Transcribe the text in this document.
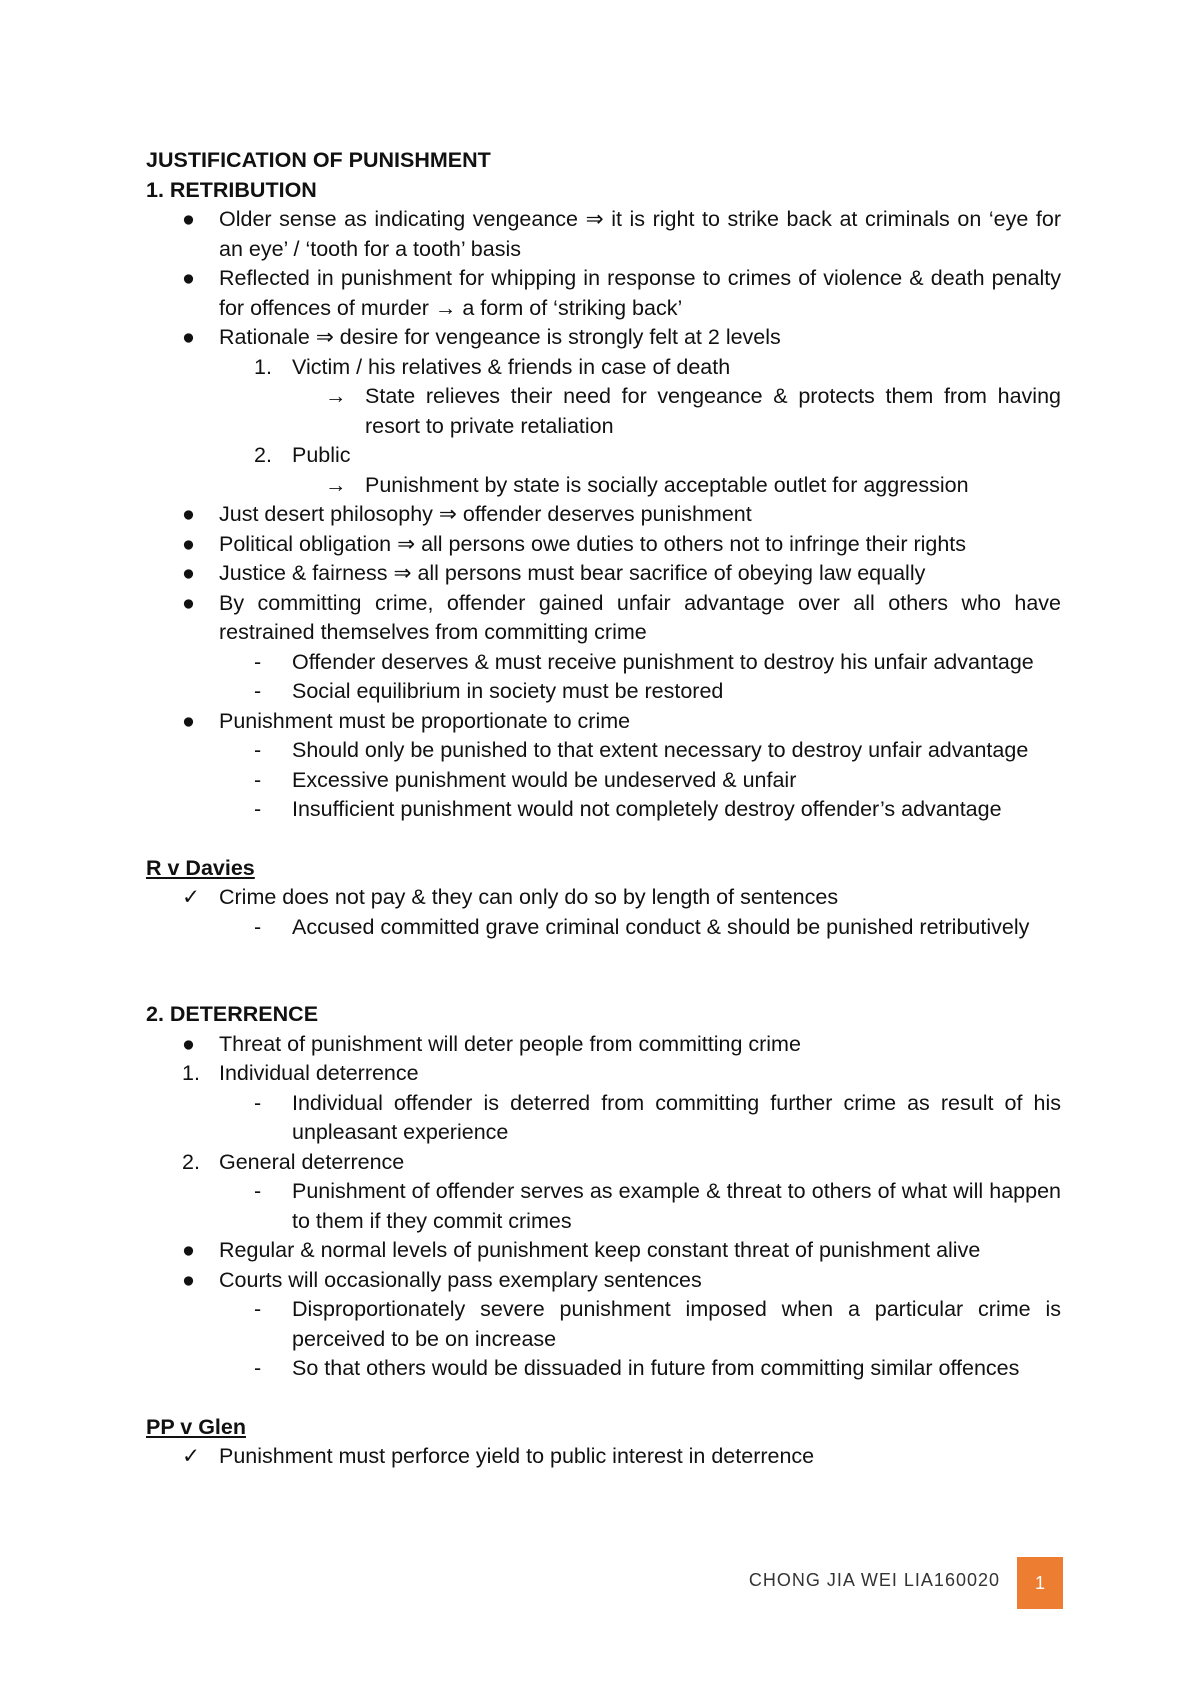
JUSTIFICATION OF PUNISHMENT
1. RETRIBUTION
● Older sense as indicating vengeance ⇒ it is right to strike back at criminals on ‘eye for an eye’ / ‘tooth for a tooth’ basis
● Reflected in punishment for whipping in response to crimes of violence & death penalty for offences of murder → a form of ‘striking back’
● Rationale ⇒ desire for vengeance is strongly felt at 2 levels
1. Victim / his relatives & friends in case of death
→ State relieves their need for vengeance & protects them from having resort to private retaliation
2. Public
→ Punishment by state is socially acceptable outlet for aggression
● Just desert philosophy ⇒ offender deserves punishment
● Political obligation ⇒ all persons owe duties to others not to infringe their rights
● Justice & fairness ⇒ all persons must bear sacrifice of obeying law equally
● By committing crime, offender gained unfair advantage over all others who have restrained themselves from committing crime
- Offender deserves & must receive punishment to destroy his unfair advantage
- Social equilibrium in society must be restored
● Punishment must be proportionate to crime
- Should only be punished to that extent necessary to destroy unfair advantage
- Excessive punishment would be undeserved & unfair
- Insufficient punishment would not completely destroy offender’s advantage
R v Davies
✓ Crime does not pay & they can only do so by length of sentences
- Accused committed grave criminal conduct & should be punished retributively
2. DETERRENCE
● Threat of punishment will deter people from committing crime
1. Individual deterrence
- Individual offender is deterred from committing further crime as result of his unpleasant experience
2. General deterrence
- Punishment of offender serves as example & threat to others of what will happen to them if they commit crimes
● Regular & normal levels of punishment keep constant threat of punishment alive
● Courts will occasionally pass exemplary sentences
- Disproportionately severe punishment imposed when a particular crime is perceived to be on increase
- So that others would be dissuaded in future from committing similar offences
PP v Glen
✓ Punishment must perforce yield to public interest in deterrence
CHONG JIA WEI LIA160020	1
